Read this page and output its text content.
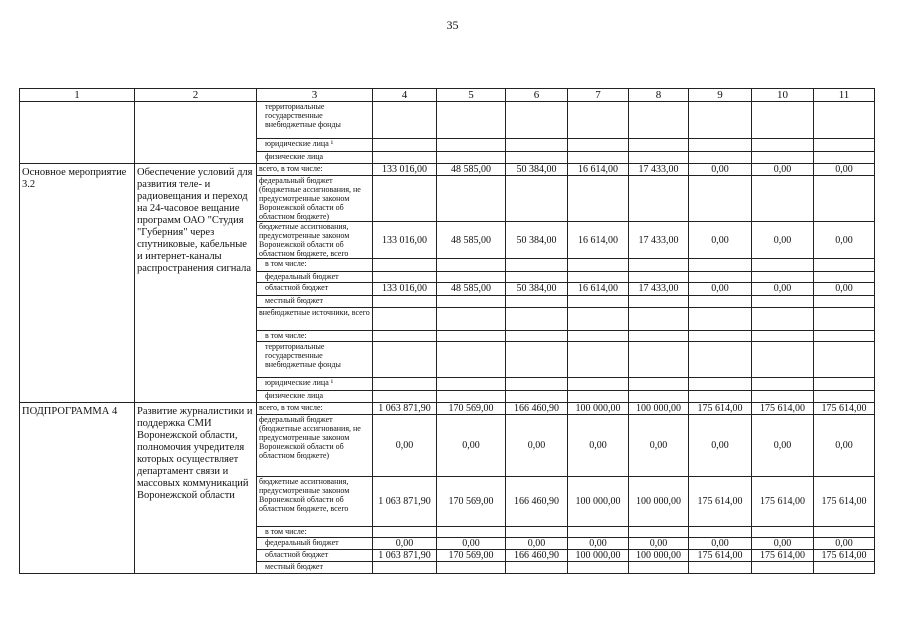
35
1	2	3	4	5	6	7	8	9	10	11
		территориальные государственные внебюджетные фонды								
		юридические лица ¹								
		физические лица								
Основное мероприятие 3.2	Обеспечение условий для развития теле- и радиовещания и переход на 24-часовое вещание программ ОАО "Студия "Губерния" через спутниковые, кабельные и интернет-каналы распространения сигнала	всего, в том числе:	133 016,00	48 585,00	50 384,00	16 614,00	17 433,00	0,00	0,00	0,00
		федеральный бюджет (бюджетные ассигнования, не предусмотренные законом Воронежской области об областном бюджете)								
		бюджетные ассигнования, предусмотренные законом Воронежской области об областном бюджете, всего	133 016,00	48 585,00	50 384,00	16 614,00	17 433,00	0,00	0,00	0,00
		в том числе:								
		федеральный бюджет								
		областной бюджет	133 016,00	48 585,00	50 384,00	16 614,00	17 433,00	0,00	0,00	0,00
		местный бюджет								
		внебюджетные источники, всего								
		в том числе:								
		территориальные государственные внебюджетные фонды								
		юридические лица ¹								
		физические лица								
ПОДПРОГРАММА 4	Развитие журналистики и поддержка СМИ Воронежской области, полномочия учредителя которых осуществляет департамент связи и массовых коммуникаций Воронежской области	всего, в том числе:	1 063 871,90	170 569,00	166 460,90	100 000,00	100 000,00	175 614,00	175 614,00	175 614,00
		федеральный бюджет (бюджетные ассигнования, не предусмотренные законом Воронежской области об областном бюджете)	0,00	0,00	0,00	0,00	0,00	0,00	0,00	0,00
		бюджетные ассигнования, предусмотренные законом Воронежской области об областном бюджете, всего	1 063 871,90	170 569,00	166 460,90	100 000,00	100 000,00	175 614,00	175 614,00	175 614,00
		в том числе:								
		федеральный бюджет	0,00	0,00	0,00	0,00	0,00	0,00	0,00	0,00
		областной бюджет	1 063 871,90	170 569,00	166 460,90	100 000,00	100 000,00	175 614,00	175 614,00	175 614,00
		местный бюджет								
